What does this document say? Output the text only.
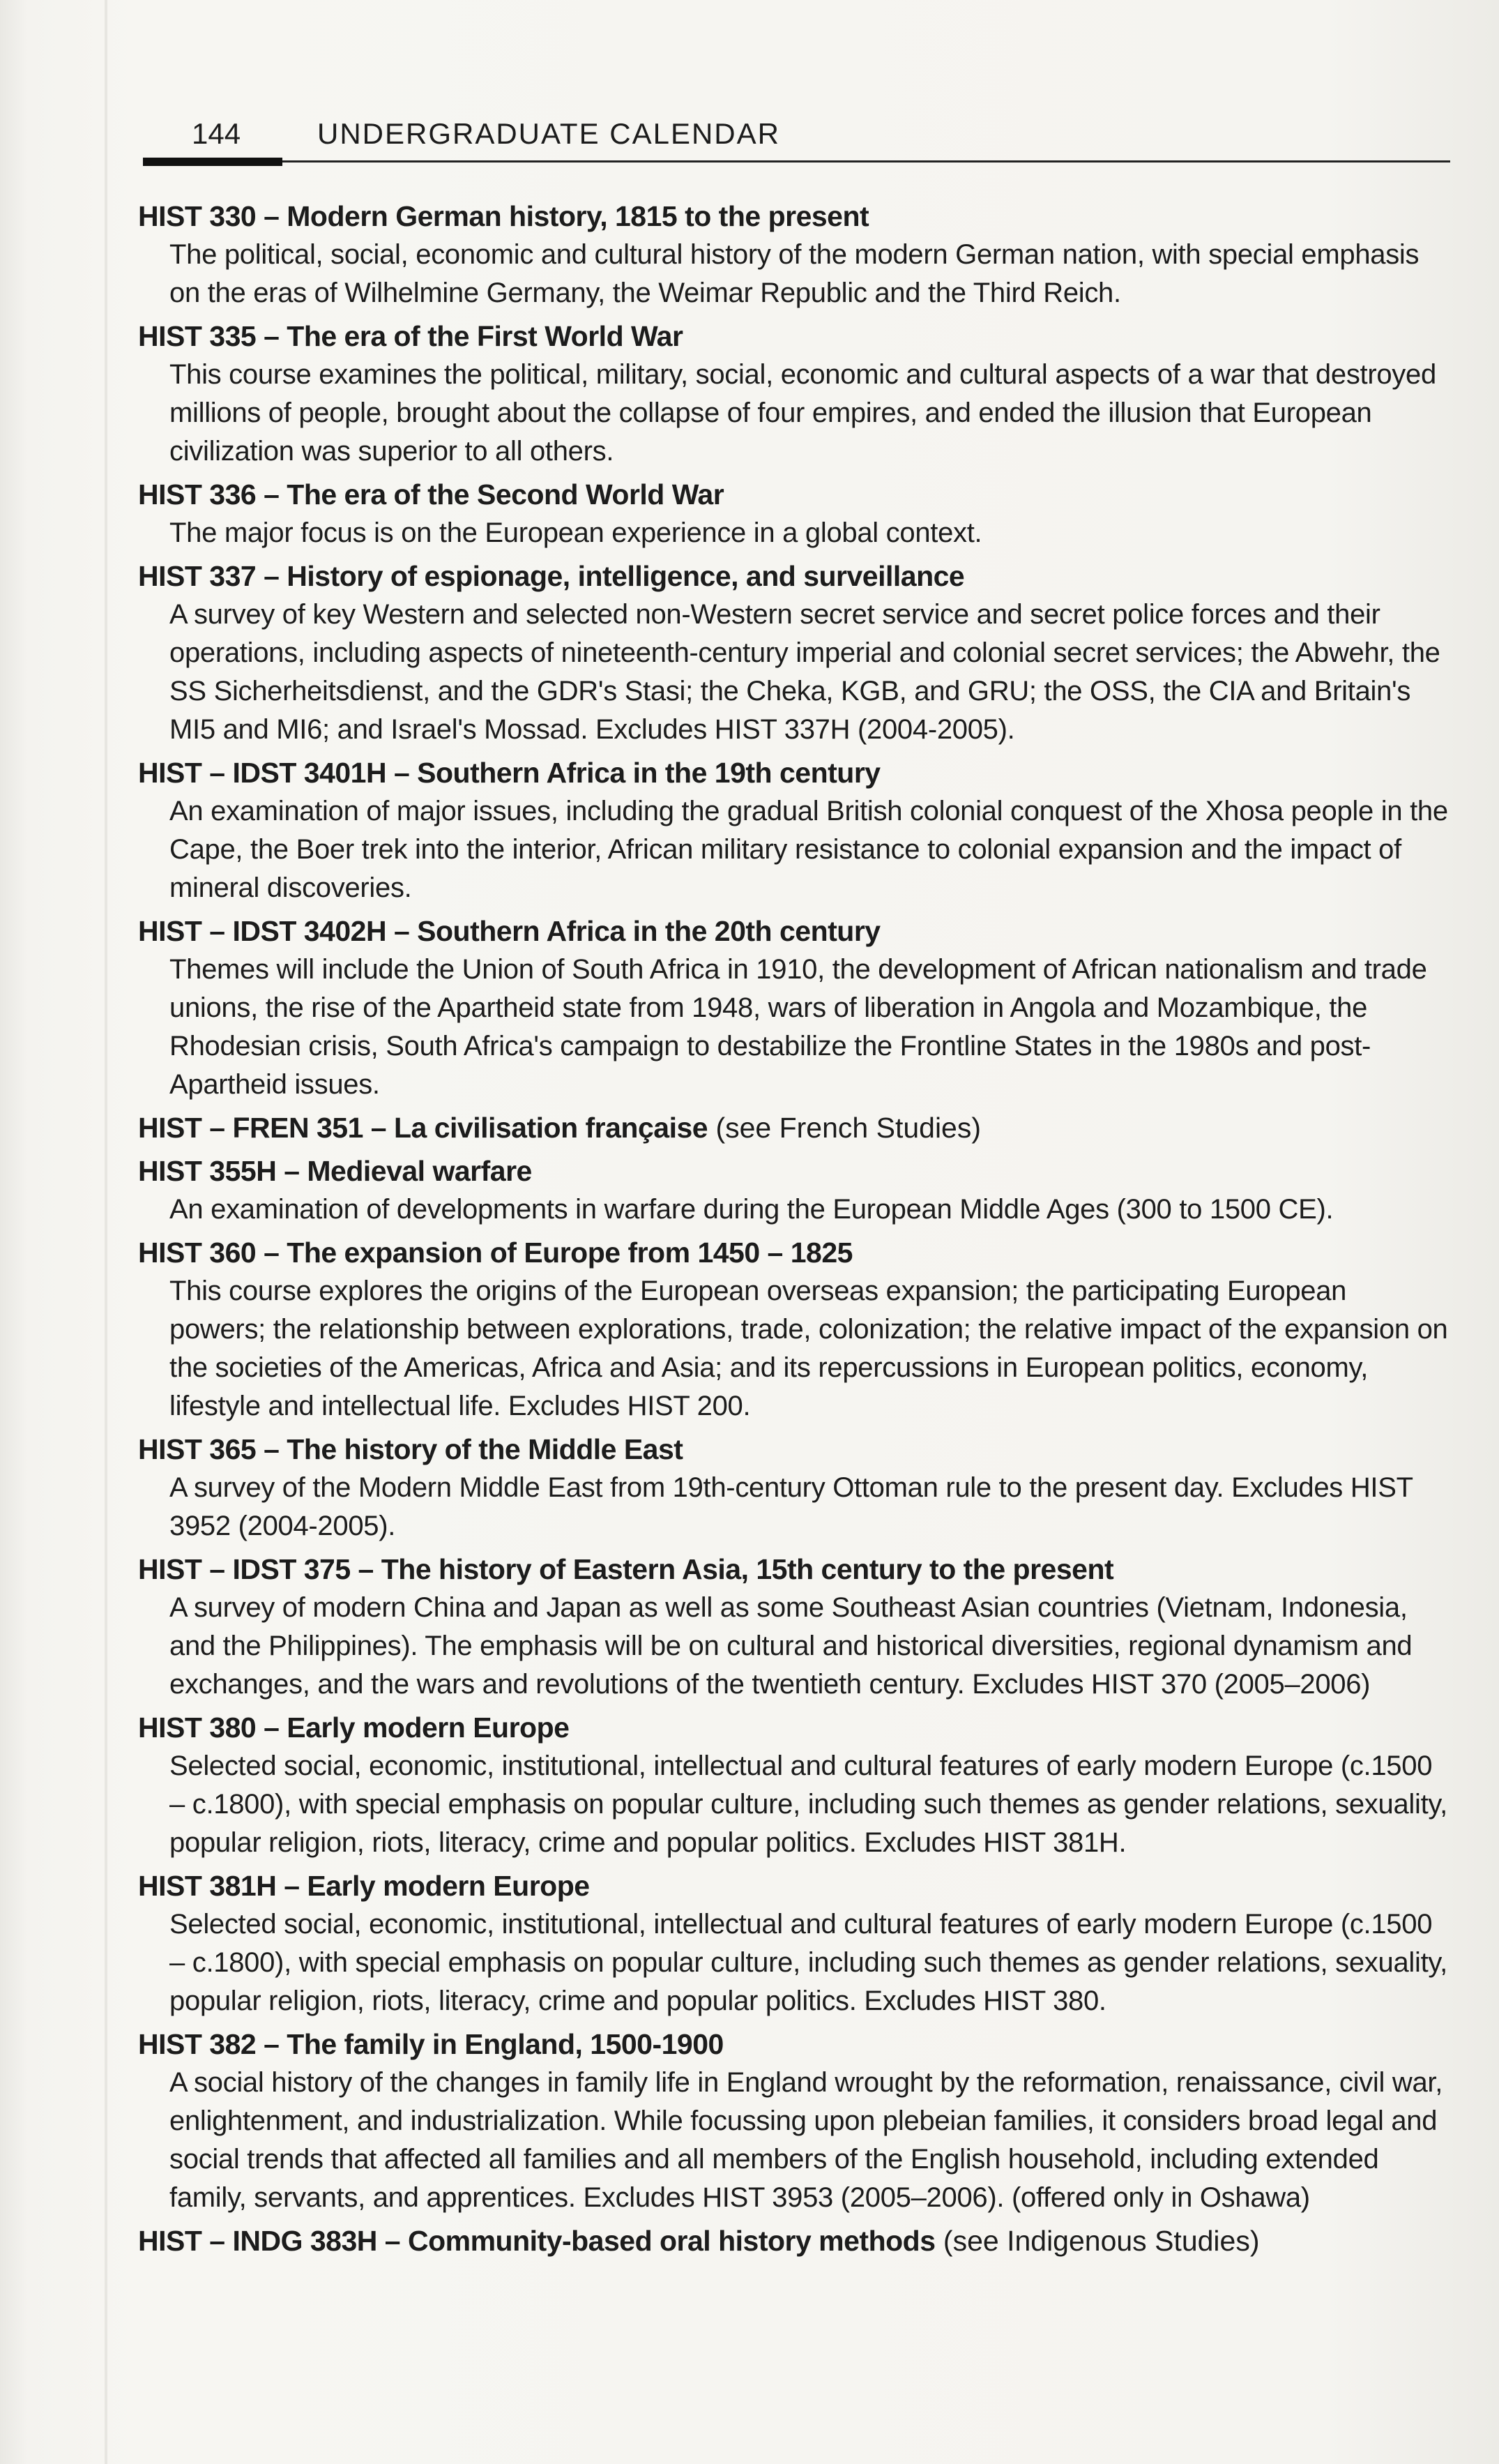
144	UNDERGRADUATE CALENDAR

HIST 330 – Modern German history, 1815 to the present

The political, social, economic and cultural history of the modern German nation, with special emphasis on the eras of Wilhelmine Germany, the Weimar Republic and the Third Reich.

HIST 335 – The era of the First World War

This course examines the political, military, social, economic and cultural aspects of a war that destroyed millions of people, brought about the collapse of four empires, and ended the illusion that European civilization was superior to all others.

HIST 336 – The era of the Second World War

The major focus is on the European experience in a global context.

HIST 337 – History of espionage, intelligence, and surveillance

A survey of key Western and selected non-Western secret service and secret police forces and their operations, including aspects of nineteenth-century imperial and colonial secret services; the Abwehr, the SS Sicherheitsdienst, and the GDR's Stasi; the Cheka, KGB, and GRU; the OSS, the CIA and Britain's MI5 and MI6; and Israel's Mossad. Excludes HIST 337H (2004-2005).

HIST – IDST 3401H – Southern Africa in the 19th century

An examination of major issues, including the gradual British colonial conquest of the Xhosa people in the Cape, the Boer trek into the interior, African military resistance to colonial expansion and the impact of mineral discoveries.

HIST – IDST 3402H – Southern Africa in the 20th century

Themes will include the Union of South Africa in 1910, the development of African nationalism and trade unions, the rise of the Apartheid state from 1948, wars of liberation in Angola and Mozambique, the Rhodesian crisis, South Africa's campaign to destabilize the Frontline States in the 1980s and post-Apartheid issues.

HIST – FREN 351 – La civilisation française (see French Studies)

HIST 355H – Medieval warfare

An examination of developments in warfare during the European Middle Ages (300 to 1500 CE).

HIST 360 – The expansion of Europe from 1450 – 1825

This course explores the origins of the European overseas expansion; the participating European powers; the relationship between explorations, trade, colonization; the relative impact of the expansion on the societies of the Americas, Africa and Asia; and its repercussions in European politics, economy, lifestyle and intellectual life. Excludes HIST 200.

HIST 365 – The history of the Middle East

A survey of the Modern Middle East from 19th-century Ottoman rule to the present day. Excludes HIST 3952 (2004-2005).

HIST – IDST 375 – The history of Eastern Asia, 15th century to the present

A survey of modern China and Japan as well as some Southeast Asian countries (Vietnam, Indonesia, and the Philippines). The emphasis will be on cultural and historical diversities, regional dynamism and exchanges, and the wars and revolutions of the twentieth century. Excludes HIST 370 (2005–2006)

HIST 380 – Early modern Europe

Selected social, economic, institutional, intellectual and cultural features of early modern Europe (c.1500 – c.1800), with special emphasis on popular culture, including such themes as gender relations, sexuality, popular religion, riots, literacy, crime and popular politics. Excludes HIST 381H.

HIST 381H – Early modern Europe

Selected social, economic, institutional, intellectual and cultural features of early modern Europe (c.1500 – c.1800), with special emphasis on popular culture, including such themes as gender relations, sexuality, popular religion, riots, literacy, crime and popular politics. Excludes HIST 380.

HIST 382 – The family in England, 1500-1900

A social history of the changes in family life in England wrought by the reformation, renaissance, civil war, enlightenment, and industrialization. While focussing upon plebeian families, it considers broad legal and social trends that affected all families and all members of the English household, including extended family, servants, and apprentices. Excludes HIST 3953 (2005–2006). (offered only in Oshawa)

HIST – INDG 383H – Community-based oral history methods (see Indigenous Studies)
